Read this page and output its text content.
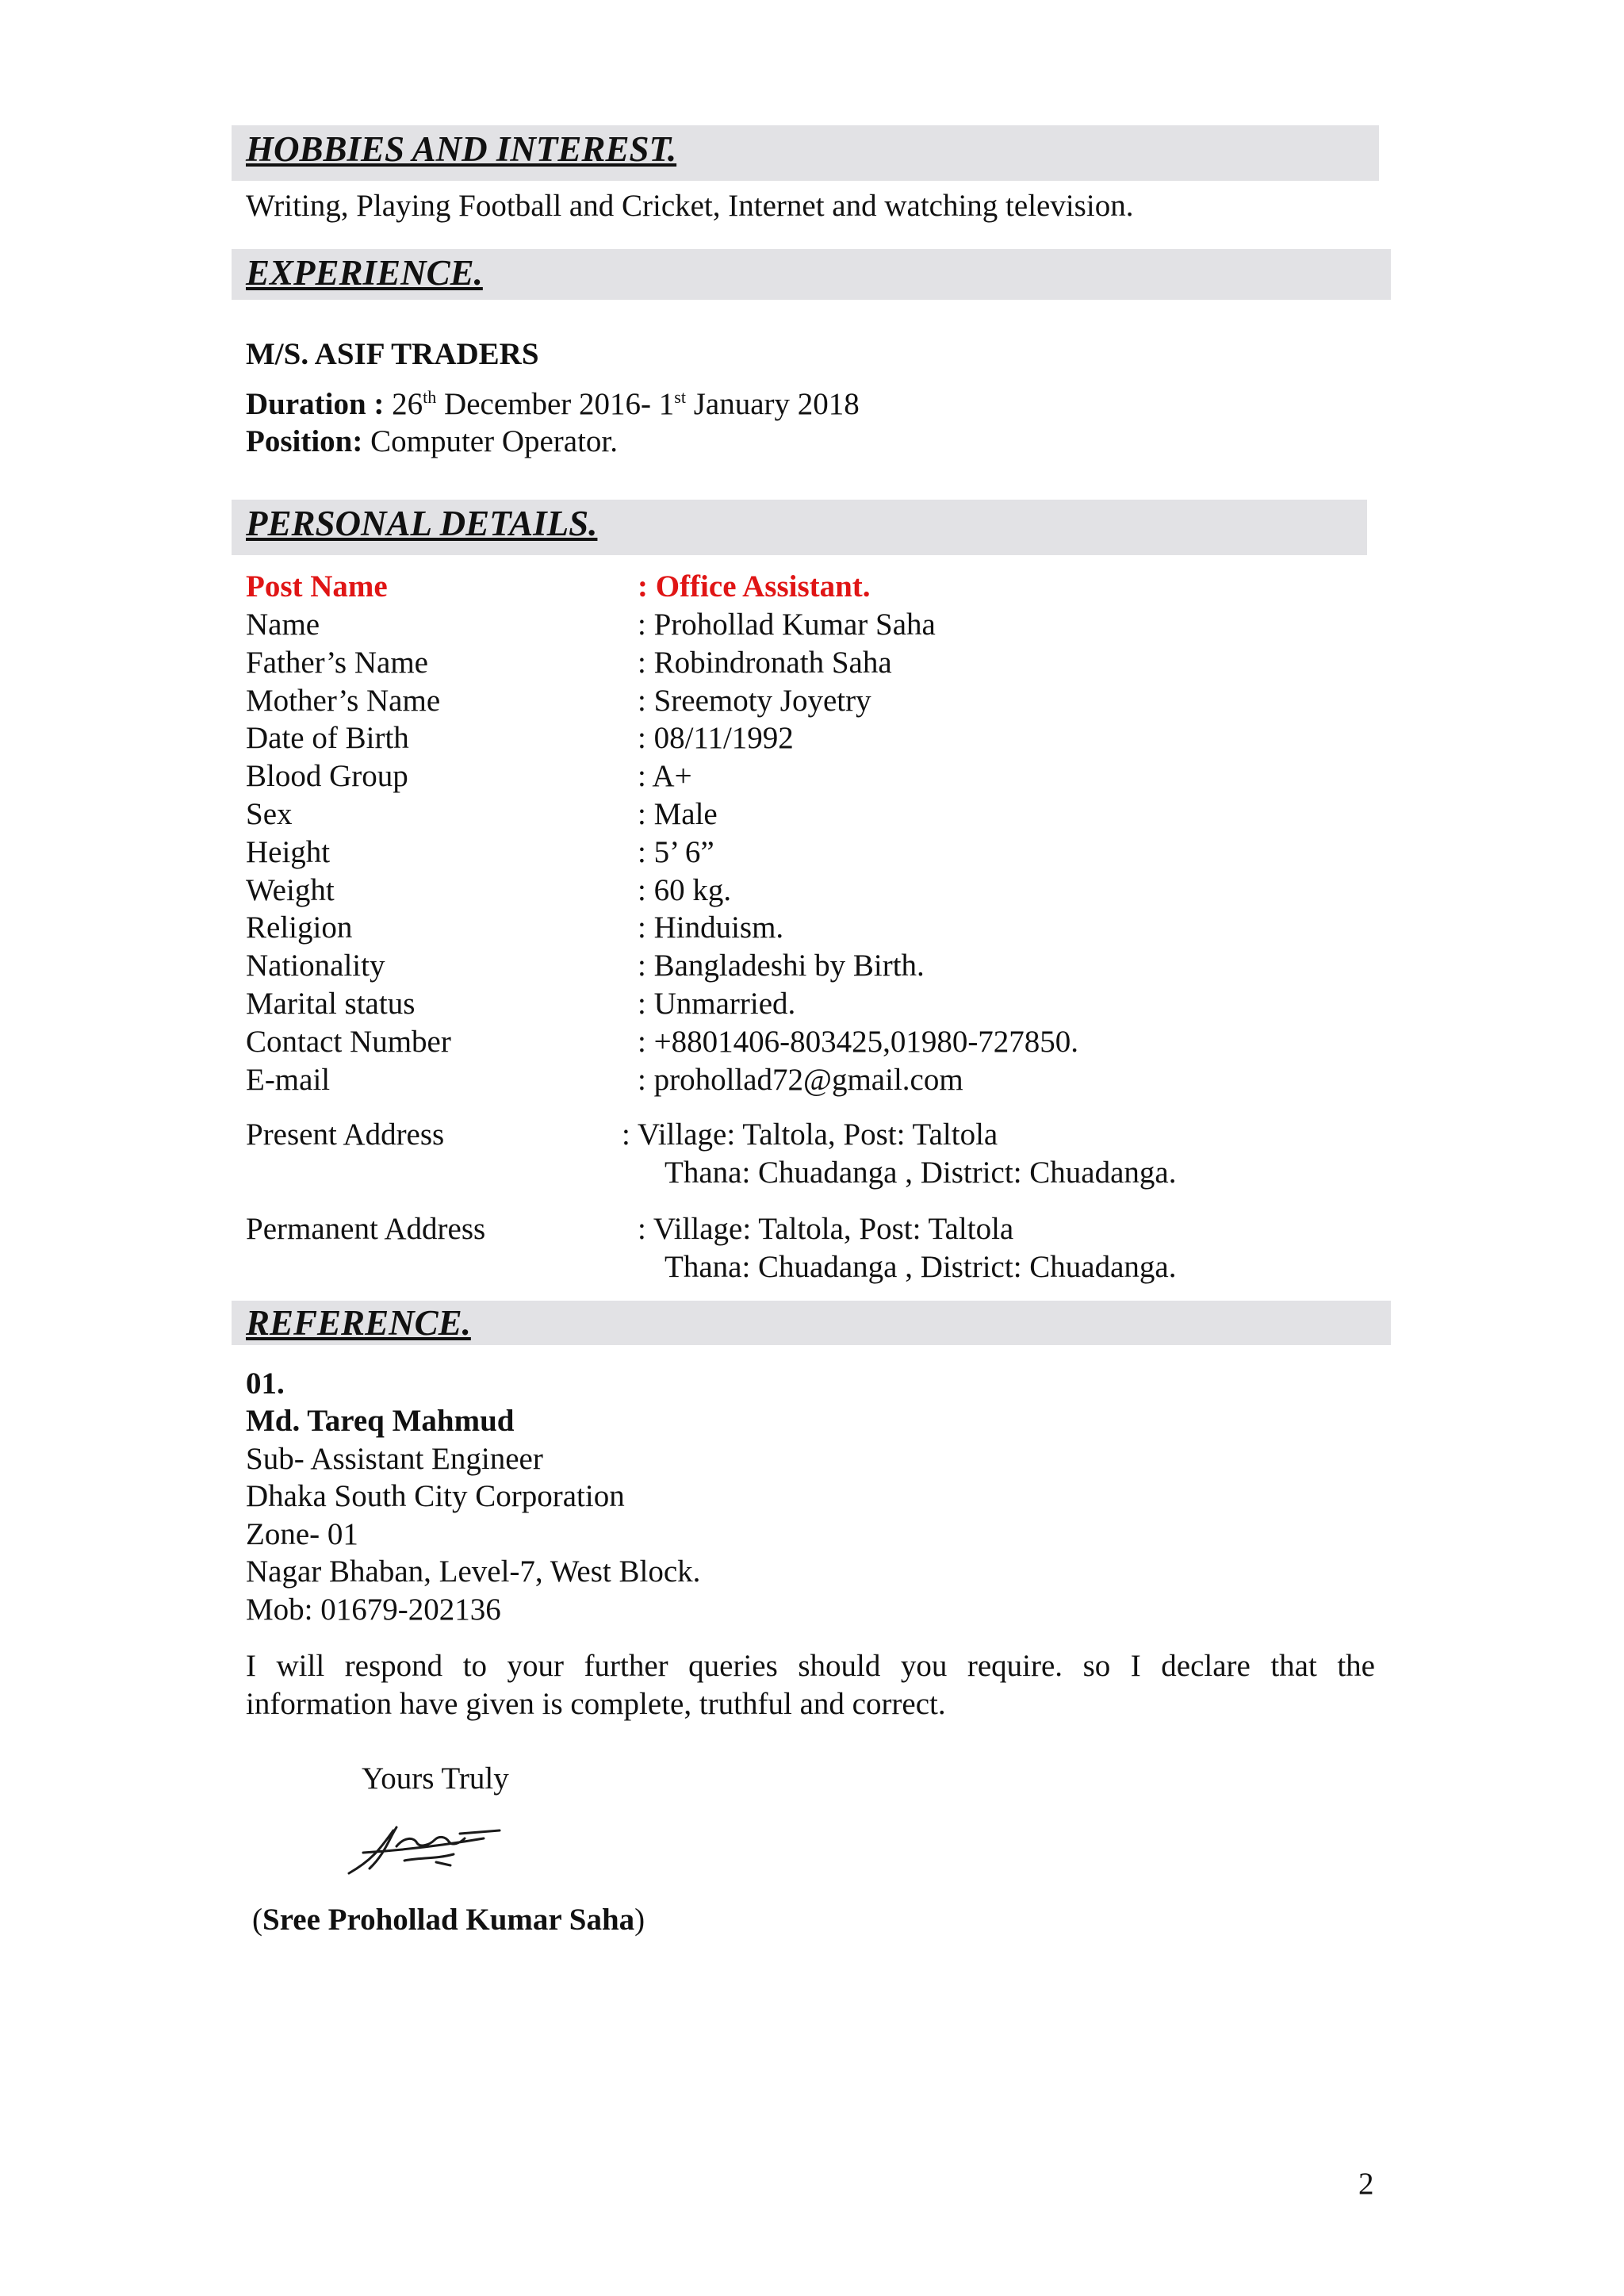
HOBBIES AND INTEREST.
Writing, Playing Football and Cricket, Internet and watching television.
EXPERIENCE.
M/S. ASIF TRADERS
Duration : 26th December 2016- 1st January 2018
Position: Computer Operator.
PERSONAL DETAILS.
Post Name	: Office Assistant.
Name	: Prohollad Kumar Saha
Father’s Name	: Robindronath Saha
Mother’s Name	: Sreemoty Joyetry
Date of Birth	: 08/11/1992
Blood Group	: A+
Sex	: Male
Height	: 5’ 6”
Weight	: 60 kg.
Religion	: Hinduism.
Nationality	: Bangladeshi by Birth.
Marital status	: Unmarried.
Contact Number	: +8801406-803425,01980-727850.
E-mail	: prohollad72@gmail.com
Present Address	: Village: Taltola, Post: Taltola
Thana: Chuadanga , District: Chuadanga.
Permanent Address	: Village: Taltola, Post: Taltola
Thana: Chuadanga , District: Chuadanga.
REFERENCE.
01.
Md. Tareq Mahmud
Sub- Assistant Engineer
Dhaka South City Corporation
Zone- 01
Nagar Bhaban, Level-7, West Block.
Mob: 01679-202136
I will respond to your further queries should you require. so I declare that the
information have given is complete, truthful and correct.
Yours Truly
(Sree Prohollad Kumar Saha)
2
